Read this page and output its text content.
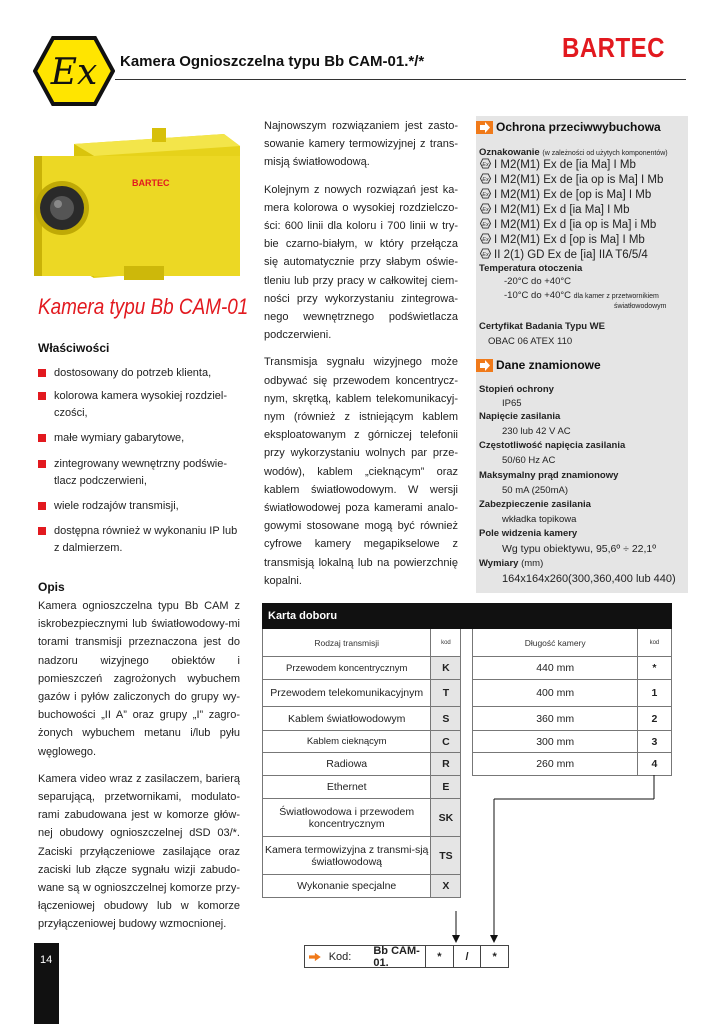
Ex Kamera Ognioszczelna typu Bb CAM-01.*/*	BARTEC
BARTEC
Kamera typu Bb CAM-01
Właściwości
dostosowany do potrzeb klienta,
kolorowa kamera wysokiej rozdziel-czości,
małe wymiary gabarytowe,
zintegrowany wewnętrzny podświe-tlacz podczerwieni,
wiele rodzajów transmisji,
dostępna również w wykonaniu IP lub z dalmierzem.
Opis

Kamera ognioszczelna typu Bb CAM z iskrobezpiecznymi lub światłowodowy-mi torami transmisji przeznaczona jest do nadzoru wizyjnego obiektów i pomieszczeń zagrożonych wybuchem gazów i pyłów zaliczonych do grupy wy-buchowości „II A” oraz grupy „I” zagro-żonych wybuchem metanu i/lub pyłu węglowego.

Kamera video wraz z zasilaczem, barierą separującą, przetwornikami, modulato-rami zabudowana jest w komorze głów-nej obudowy ognioszczelnej dSD 03/*. Zaciski przyłączeniowe zasilające oraz zaciski lub złącze sygnału wizji zabudo-wane są w ognioszczelnej komorze przy-łączeniowej obudowy lub w komorze przyłączeniowej budowy wzmocnionej.

Najnowszym rozwiązaniem jest zasto-sowanie kamery termowizyjnej z trans-misją światłowodową.

Kolejnym z nowych rozwiązań jest ka-mera kolorowa o wysokiej rozdzielczo-ści: 600 linii dla koloru i 700 linii w try-bie czarno-białym, w który przełącza się automatycznie przy słabym oświe-tleniu lub przy pracy w całkowitej ciem-ności przy wykorzystaniu zintegrowa-nego wewnętrznego podświetlacza podczerwieni.

Transmisja sygnału wizyjnego może odbywać się przewodem koncentrycz-nym, skrętką, kablem telekomunikacyj-nym (również z istniejącym kablem eksploatowanym z górniczej telefonii przy wykorzystaniu wolnych par prze-wodów), kablem „cieknącym” oraz kablem światłowodowym. W wersji światłowodowej poza kamerami analo-gowymi stosowane mogą być również cyfrowe kamery megapikselowe z transmisją lokalną lub na powierzchnię kopalni.

Ochrona przeciwwybuchowa
Oznakowanie (w zależności od użytych komponentów)
Ex I M2(M1) Ex de [ia Ma] I Mb
Ex I M2(M1) Ex de [ia op is Ma] I Mb
Ex I M2(M1) Ex de [op is Ma] I Mb
Ex I M2(M1) Ex d [ia Ma] I Mb
Ex I M2(M1) Ex d [ia op is Ma] i Mb
Ex I M2(M1) Ex d [op is Ma] I Mb
Ex II 2(1) GD Ex de [ia] IIA T6/5/4
Temperatura otoczenia
-20°C do +40°C
-10°C do +40°C dla kamer z przetwornikiem
światłowodowym
Certyfikat Badania Typu WE
OBAC 06 ATEX 110
Dane znamionowe
Stopień ochrony
IP65
Napięcie zasilania
230 lub 42 V AC
Częstotliwość napięcia zasilania
50/60 Hz AC
Maksymalny prąd znamionowy
50 mA (250mA)
Zabezpieczenie zasilania
wkładka topikowa
Pole widzenia kamery
Wg typu obiektywu, 95,6º ÷ 22,1º
Wymiary (mm)
164x164x260(300,360,400 lub 440)
Karta doboru				
Rodzaj transmisji	kod		Długość kamery	kod
Przewodem koncentrycznym	K		440 mm	*
Przewodem telekomunikacyjnym	T		400 mm	1
Kablem światłowodowym	S		360 mm	2
Kablem cieknącym	C		300 mm	3
Radiowa	R		260 mm	4
Ethernet	E			
Światłowodowa i przewodem koncentrycznym	SK			
Kamera termowizyjna z transmi-sją światłowodową	TS			
Wykonanie specjalne	X			
Kod: Bb CAM-01.	*	/	*
14
